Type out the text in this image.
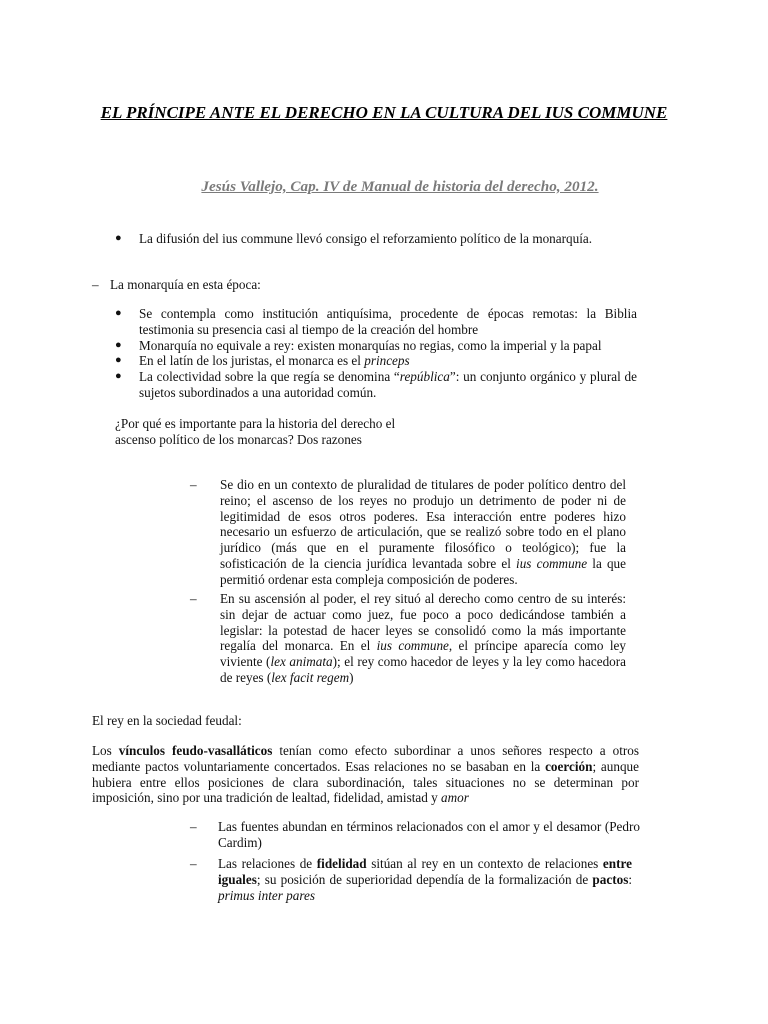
EL PRÍNCIPE ANTE EL DERECHO EN LA CULTURA DEL IUS COMMUNE
Jesús Vallejo, Cap. IV de Manual de historia del derecho, 2012.
●	La difusión del ius commune llevó consigo el reforzamiento político de la monarquía.
– La monarquía en esta época:
●	Se contempla como institución antiquísima, procedente de épocas remotas: la Biblia testimonia su presencia casi al tiempo de la creación del hombre
●	Monarquía no equivale a rey: existen monarquías no regias, como la imperial y la papal
●	En el latín de los juristas, el monarca es el princeps
●	La colectividad sobre la que regía se denomina “república”: un conjunto orgánico y plural de sujetos subordinados a una autoridad común.
¿Por qué es importante para la historia del derecho el
ascenso político de los monarcas? Dos razones
–	Se dio en un contexto de pluralidad de titulares de poder político dentro del reino; el ascenso de los reyes no produjo un detrimento de poder ni de legitimidad de esos otros poderes. Esa interacción entre poderes hizo necesario un esfuerzo de articulación, que se realizó sobre todo en el plano jurídico (más que en el puramente filosófico o teológico); fue la sofisticación de la ciencia jurídica levantada sobre el ius commune la que permitió ordenar esta compleja composición de poderes.
–	En su ascensión al poder, el rey situó al derecho como centro de su interés: sin dejar de actuar como juez, fue poco a poco dedicándose también a legislar: la potestad de hacer leyes se consolidó como la más importante regalía del monarca. En el ius commune, el príncipe aparecía como ley viviente (lex animata); el rey como hacedor de leyes y la ley como hacedora de reyes (lex facit regem)
El rey en la sociedad feudal:
Los vínculos feudo-vasalláticos tenían como efecto subordinar a unos señores respecto a otros mediante pactos voluntariamente concertados. Esas relaciones no se basaban en la coerción; aunque hubiera entre ellos posiciones de clara subordinación, tales situaciones no se determinan por imposición, sino por una tradición de lealtad, fidelidad, amistad y amor
–	Las fuentes abundan en términos relacionados con el amor y el desamor (Pedro Cardim)
–	Las relaciones de fidelidad sitúan al rey en un contexto de relaciones entre iguales; su posición de superioridad dependía de la formalización de pactos: primus inter pares
